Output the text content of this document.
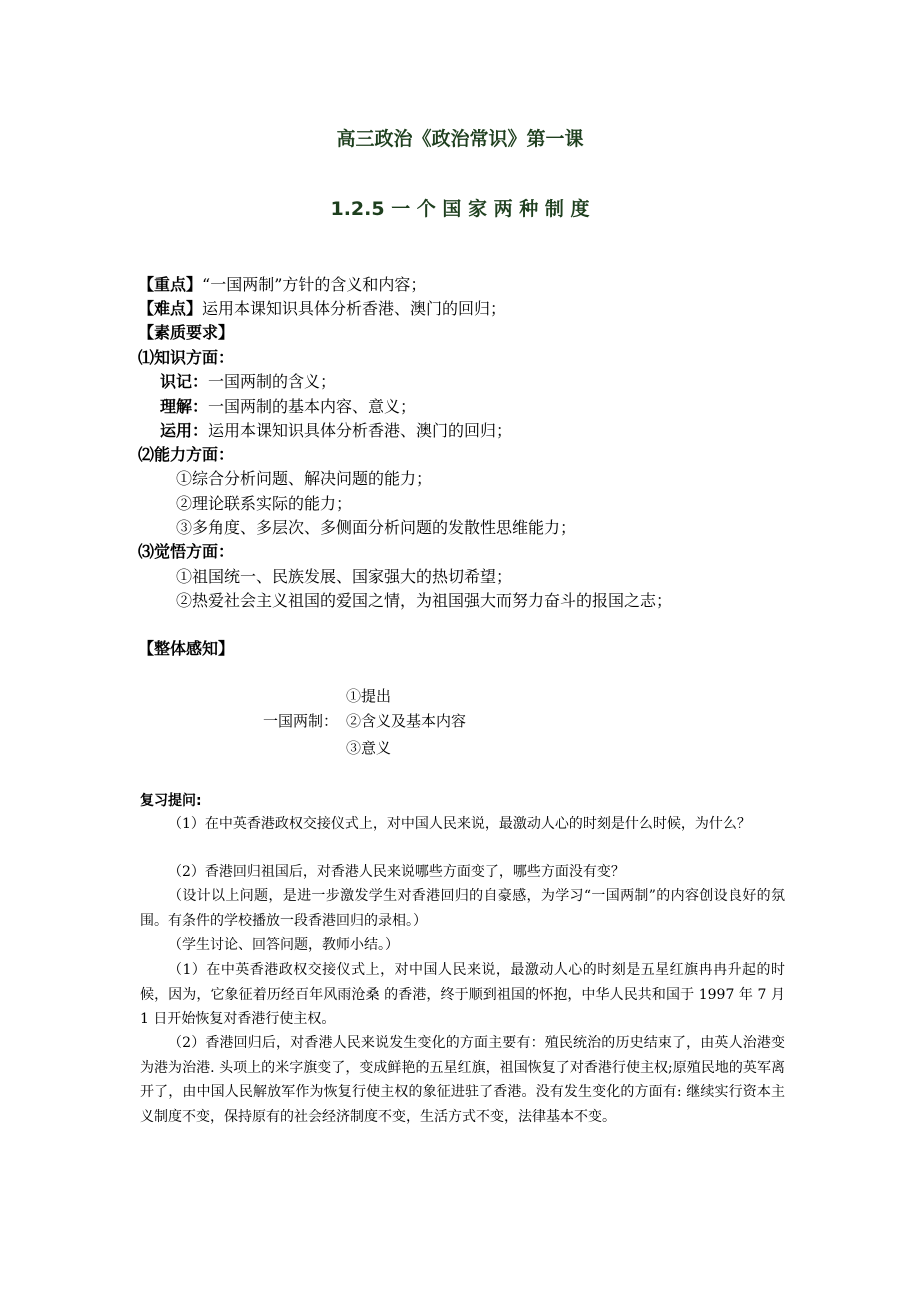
高三政治《政治常识》第一课
1.2.5 一 个 国 家 两 种 制 度
【重点】“一国两制”方针的含义和内容；
【难点】运用本课知识具体分析香港、澳门的回归；
【素质要求】
⑴知识方面：
识记：一国两制的含义；
理解：一国两制的基本内容、意义；
运用：运用本课知识具体分析香港、澳门的回归；
⑵能力方面：
①综合分析问题、解决问题的能力；
②理论联系实际的能力；
③多角度、多层次、多侧面分析问题的发散性思维能力；
⑶觉悟方面：
①祖国统一、民族发展、国家强大的热切希望；
②热爱社会主义祖国的爱国之情，为祖国强大而努力奋斗的报国之志；
【整体感知】
①提出
一国两制： ②含义及基本内容
③意义
复习提问:
（1）在中英香港政权交接仪式上，对中国人民来说，最激动人心的时刻是什么时候，为什么？
（2）香港回归祖国后，对香港人民来说哪些方面变了，哪些方面没有变？
（设计以上问题，是进一步激发学生对香港回归的自豪感，为学习“一国两制”的内容创设良好的氛围。有条件的学校播放一段香港回归的录相。）
（学生讨论、回答问题，教师小结。）
（1）在中英香港政权交接仪式上，对中国人民来说，最激动人心的时刻是五星红旗冉冉升起的时候，因为，它象征着历经百年风雨沧桑 的香港，终于顺到祖国的怀抱，中华人民共和国于 1997 年 7 月 1 日开始恢复对香港行使主权。
（2）香港回归后，对香港人民来说发生变化的方面主要有：殖民统治的历史结束了，由英人治港变为港为治港. 头项上的米字旗变了，变成鲜艳的五星红旗，祖国恢复了对香港行使主权;原殖民地的英军离开了，由中国人民解放军作为恢复行使主权的象征进驻了香港。没有发生变化的方面有: 继续实行资本主义制度不变，保持原有的社会经济制度不变，生活方式不变，法律基本不变。
